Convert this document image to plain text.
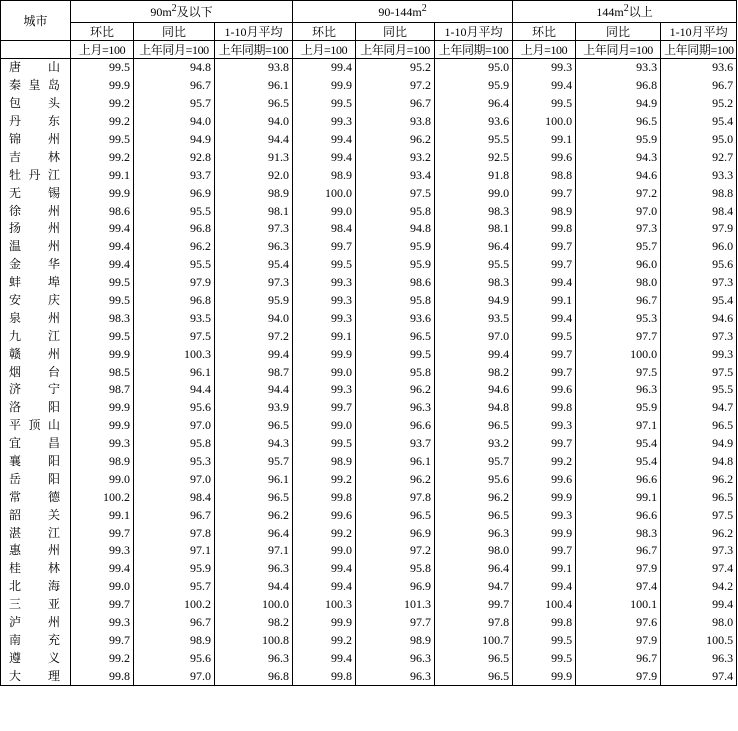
城市	$90m^2$及以下			$90-144m^2$			$144m^2$以上		
	环比	同比	1-10月平均	环比	同比	1-10月平均	环比	同比	1-10月平均
	上月=100	上年同月=100	上年同期=100	上月=100	上年同月=100	上年同期=100	上月=100	上年同月=100	上年同期=100
唐山	99.5	94.8	93.8	99.4	95.2	95.0	99.3	93.3	93.6
秦皇岛	99.9	96.7	96.1	99.9	97.2	95.9	99.4	96.8	96.7
包头	99.2	95.7	96.5	99.5	96.7	96.4	99.5	94.9	95.2
丹东	99.2	94.0	94.0	99.3	93.8	93.6	100.0	96.5	95.4
锦州	99.5	94.9	94.4	99.4	96.2	95.5	99.1	95.9	95.0
吉林	99.2	92.8	91.3	99.4	93.2	92.5	99.6	94.3	92.7
牡丹江	99.1	93.7	92.0	98.9	93.4	91.8	98.8	94.6	93.3
无锡	99.9	96.9	98.9	100.0	97.5	99.0	99.7	97.2	98.8
徐州	98.6	95.5	98.1	99.0	95.8	98.3	98.9	97.0	98.4
扬州	99.4	96.8	97.3	98.4	94.8	98.1	99.8	97.3	97.9
温州	99.4	96.2	96.3	99.7	95.9	96.4	99.7	95.7	96.0
金华	99.4	95.5	95.4	99.5	95.9	95.5	99.7	96.0	95.6
蚌埠	99.5	97.9	97.3	99.3	98.6	98.3	99.4	98.0	97.3
安庆	99.5	96.8	95.9	99.3	95.8	94.9	99.1	96.7	95.4
泉州	98.3	93.5	94.0	99.3	93.6	93.5	99.4	95.3	94.6
九江	99.5	97.5	97.2	99.1	96.5	97.0	99.5	97.7	97.3
赣州	99.9	100.3	99.4	99.9	99.5	99.4	99.7	100.0	99.3
烟台	98.5	96.1	98.7	99.0	95.8	98.2	99.7	97.5	97.5
济宁	98.7	94.4	94.4	99.3	96.2	94.6	99.6	96.3	95.5
洛阳	99.9	95.6	93.9	99.7	96.3	94.8	99.8	95.9	94.7
平顶山	99.9	97.0	96.5	99.0	96.6	96.5	99.3	97.1	96.5
宜昌	99.3	95.8	94.3	99.5	93.7	93.2	99.7	95.4	94.9
襄阳	98.9	95.3	95.7	98.9	96.1	95.7	99.2	95.4	94.8
岳阳	99.0	97.0	96.1	99.2	96.2	95.6	99.6	96.6	96.2
常德	100.2	98.4	96.5	99.8	97.8	96.2	99.9	99.1	96.5
韶关	99.1	96.7	96.2	99.6	96.5	96.5	99.3	96.6	97.5
湛江	99.7	97.8	96.4	99.2	96.9	96.3	99.9	98.3	96.2
惠州	99.3	97.1	97.1	99.0	97.2	98.0	99.7	96.7	97.3
桂林	99.4	95.9	96.3	99.4	95.8	96.4	99.1	97.9	97.4
北海	99.0	95.7	94.4	99.4	96.9	94.7	99.4	97.4	94.2
三亚	99.7	100.2	100.0	100.3	101.3	99.7	100.4	100.1	99.4
泸州	99.3	96.7	98.2	99.9	97.7	97.8	99.8	97.6	98.0
南充	99.7	98.9	100.8	99.2	98.9	100.7	99.5	97.9	100.5
遵义	99.2	95.6	96.3	99.4	96.3	96.5	99.5	96.7	96.3
大理	99.8	97.0	96.8	99.8	96.3	96.5	99.9	97.9	97.4
